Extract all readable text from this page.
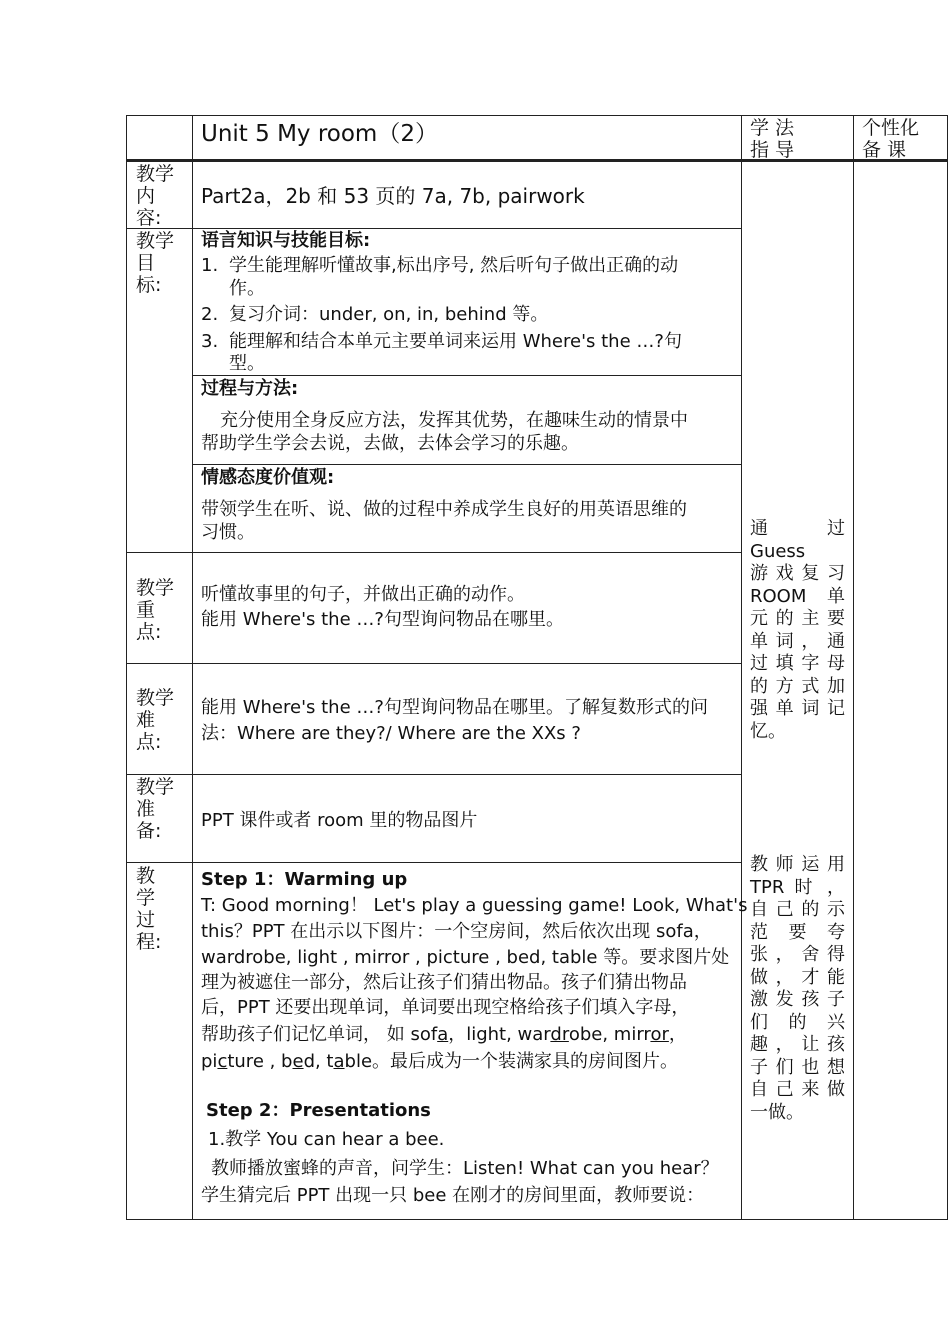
Unit 5 My room（2）	学 法
指 导
个性化
备 课
教学
内
容:
Part2a，2b 和 53 页的 7a, 7b, pairwork
教学
目
标:
语言知识与技能目标:
1. 学生能理解听懂故事,标出序号, 然后听句子做出正确的动
作。
2. 复习介词：under, on, in, behind 等。
3. 能理解和结合本单元主要单词来运用 Where's the …?句
型。
过程与方法:
充分使用全身反应方法，发挥其优势，在趣味生动的情景中
帮助学生学会去说，去做，去体会学习的乐趣。
情感态度价值观:
带领学生在听、说、做的过程中养成学生良好的用英语思维的
习惯。
教学
重
点:
听懂故事里的句子，并做出正确的动作。
能用 Where's the …?句型询问物品在哪里。
教学
难
点:
能用 Where's the …?句型询问物品在哪里。了解复数形式的问
法：Where are they?/ Where are the XXs ?
教学
准
备:	PPT 课件或者 room 里的物品图片
教
学
过
程:
Step 1：Warming up
T: Good morning！ Let's play a guessing game! Look, What's
this？PPT 在出示以下图片：一个空房间，然后依次出现 sofa，
wardrobe, light , mirror , picture , bed, table 等。要求图片处
理为被遮住一部分，然后让孩子们猜出物品。孩子们猜出物品
后，PPT 还要出现单词，单词要出现空格给孩子们填入字母，
帮助孩子们记忆单词， 如 sofa，light, wardrobe, mirror，
picture , bed, table。最后成为一个装满家具的房间图片。
Step 2：Presentations
1.教学 You can hear a bee.
教师播放蜜蜂的声音，问学生：Listen! What can you hear？
学生猜完后 PPT 出现一只 bee 在刚才的房间里面，教师要说：
通过 Guess
游 戏 复 习
ROOM 单
元 的 主 要
单 词 ， 通
过 填 字 母
的 方 式 加
强 单 词 记
忆。
教 师 运 用
TPR 时 ，
自 己 的 示
范 要 夸
张 ， 舍 得
做 ， 才 能
激 发 孩 子
们 的 兴
趣 ， 让 孩
子 们 也 想
自 己 来 做
一做。
